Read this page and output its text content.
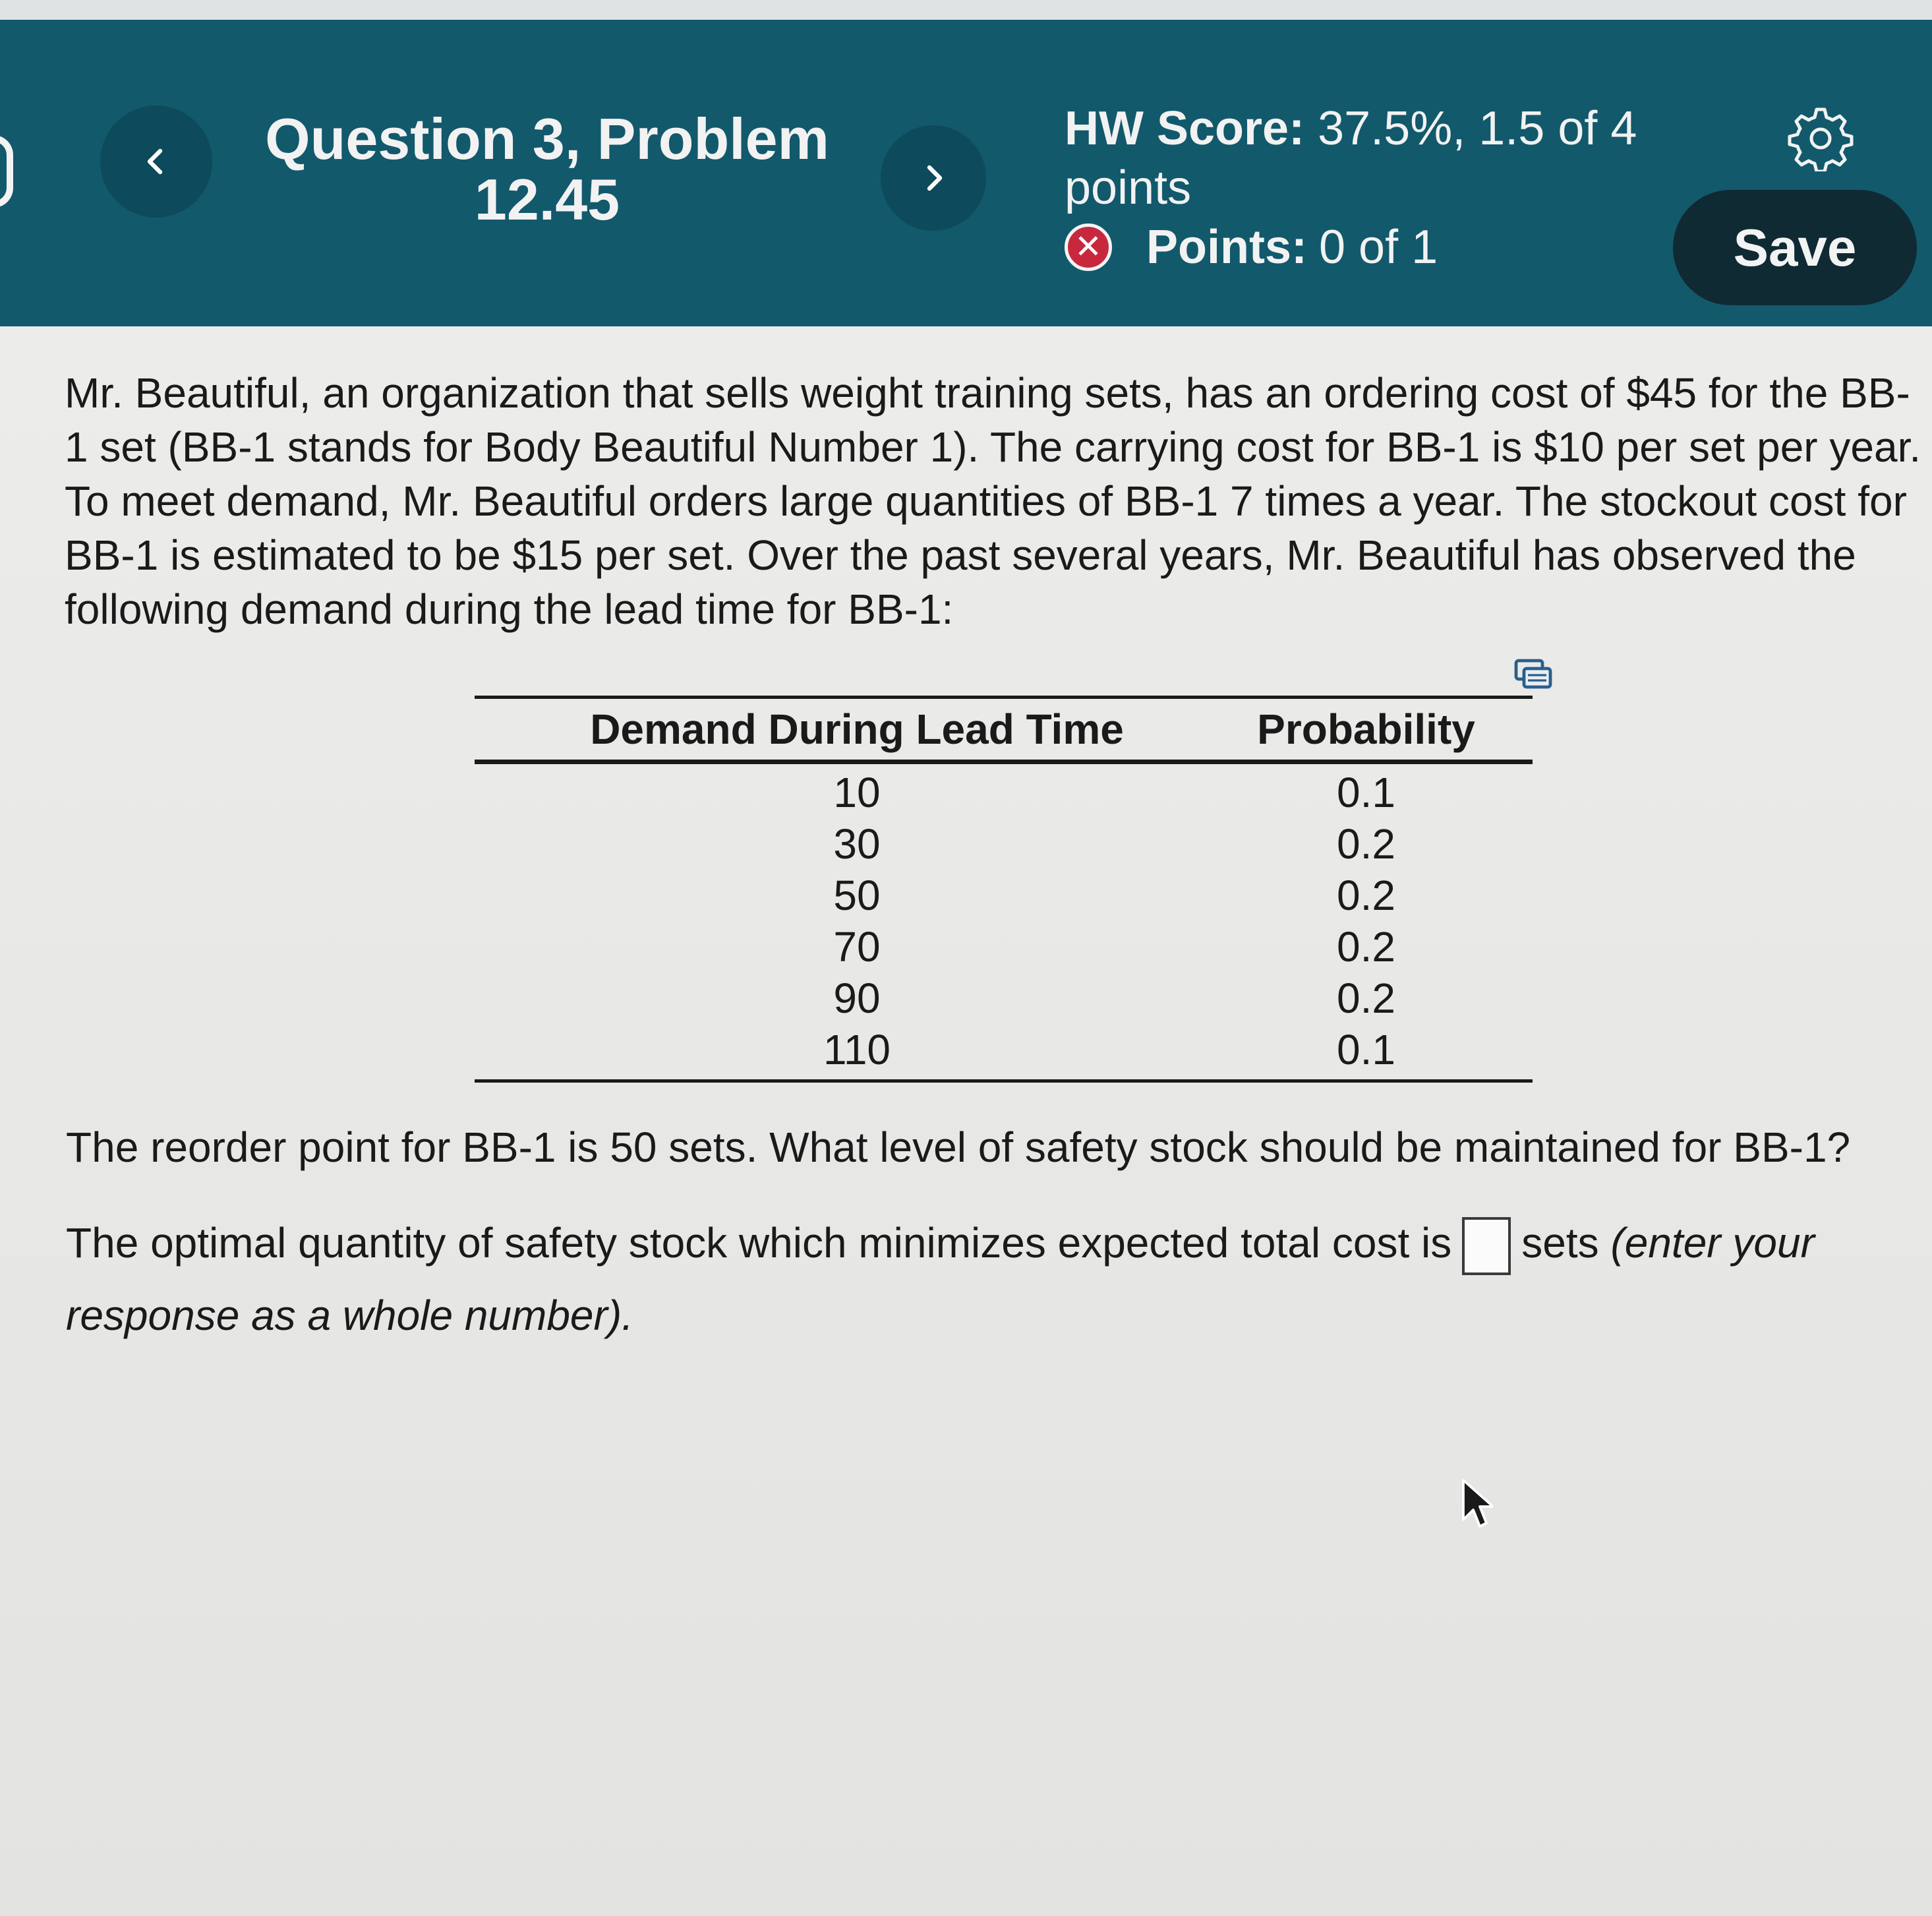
Question 3, Problem 12.45
HW Score: 37.5%, 1.5 of 4 points
✕ Points: 0 of 1	Save
Mr. Beautiful, an organization that sells weight training sets, has an ordering cost of $45 for the BB-1 set (BB-1 stands for Body Beautiful Number 1). The carrying cost for BB-1 is $10 per set per year. To meet demand, Mr. Beautiful orders large quantities of BB-1 7 times a year. The stockout cost for BB-1 is estimated to be $15 per set. Over the past several years, Mr. Beautiful has observed the following demand during the lead time for BB-1:
Demand During Lead Time	Probability
10	0.1
30	0.2
50	0.2
70	0.2
90	0.2
110	0.1
The reorder point for BB-1 is 50 sets. What level of safety stock should be maintained for BB-1?
The optimal quantity of safety stock which minimizes expected total cost is sets (enter your response as a whole number).
